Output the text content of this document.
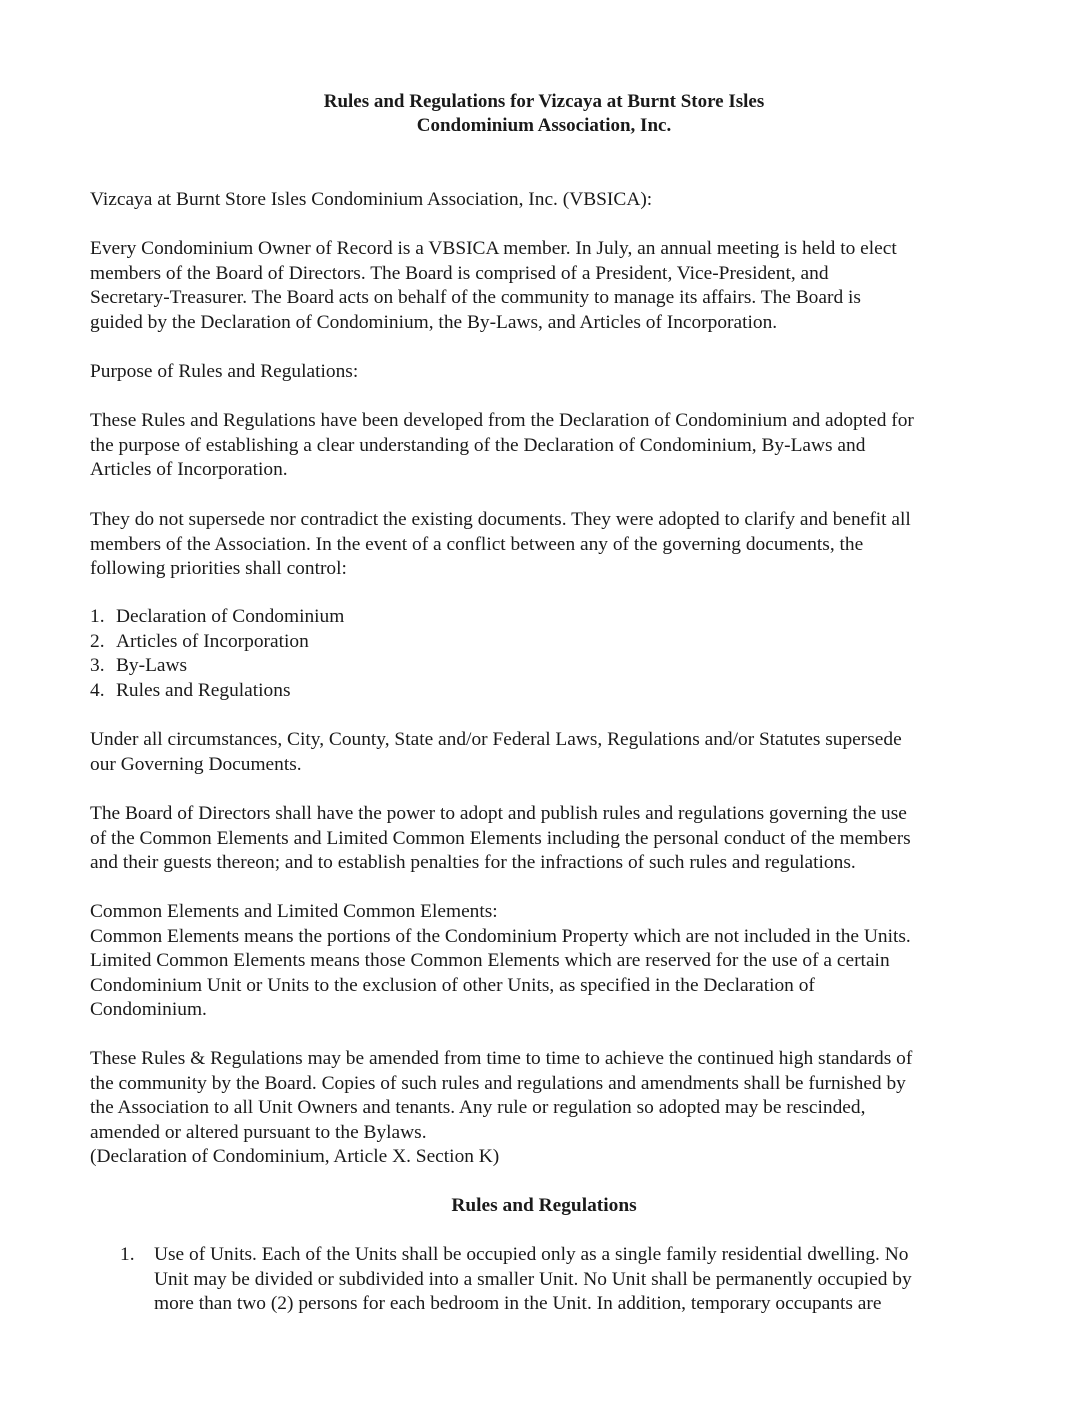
Rules and Regulations for Vizcaya at Burnt Store Isles
Condominium Association, Inc.
Vizcaya at Burnt Store Isles Condominium Association, Inc. (VBSICA):
Every Condominium Owner of Record is a VBSICA member. In July, an annual meeting is held to elect
members of the Board of Directors. The Board is comprised of a President, Vice-President, and
Secretary-Treasurer. The Board acts on behalf of the community to manage its affairs. The Board is
guided by the Declaration of Condominium, the By-Laws, and Articles of Incorporation.
Purpose of Rules and Regulations:
These Rules and Regulations have been developed from the Declaration of Condominium and adopted for
the purpose of establishing a clear understanding of the Declaration of Condominium, By-Laws and
Articles of Incorporation.
They do not supersede nor contradict the existing documents. They were adopted to clarify and benefit all
members of the Association. In the event of a conflict between any of the governing documents, the
following priorities shall control:
1. Declaration of Condominium
2. Articles of Incorporation
3. By-Laws
4. Rules and Regulations
Under all circumstances, City, County, State and/or Federal Laws, Regulations and/or Statutes supersede
our Governing Documents.
The Board of Directors shall have the power to adopt and publish rules and regulations governing the use
of the Common Elements and Limited Common Elements including the personal conduct of the members
and their guests thereon; and to establish penalties for the infractions of such rules and regulations.
Common Elements and Limited Common Elements:
Common Elements means the portions of the Condominium Property which are not included in the Units.
Limited Common Elements means those Common Elements which are reserved for the use of a certain
Condominium Unit or Units to the exclusion of other Units, as specified in the Declaration of
Condominium.
These Rules & Regulations may be amended from time to time to achieve the continued high standards of
the community by the Board. Copies of such rules and regulations and amendments shall be furnished by
the Association to all Unit Owners and tenants. Any rule or regulation so adopted may be rescinded,
amended or altered pursuant to the Bylaws.
(Declaration of Condominium, Article X. Section K)
Rules and Regulations
1. Use of Units. Each of the Units shall be occupied only as a single family residential dwelling. No
Unit may be divided or subdivided into a smaller Unit. No Unit shall be permanently occupied by
more than two (2) persons for each bedroom in the Unit. In addition, temporary occupants are
